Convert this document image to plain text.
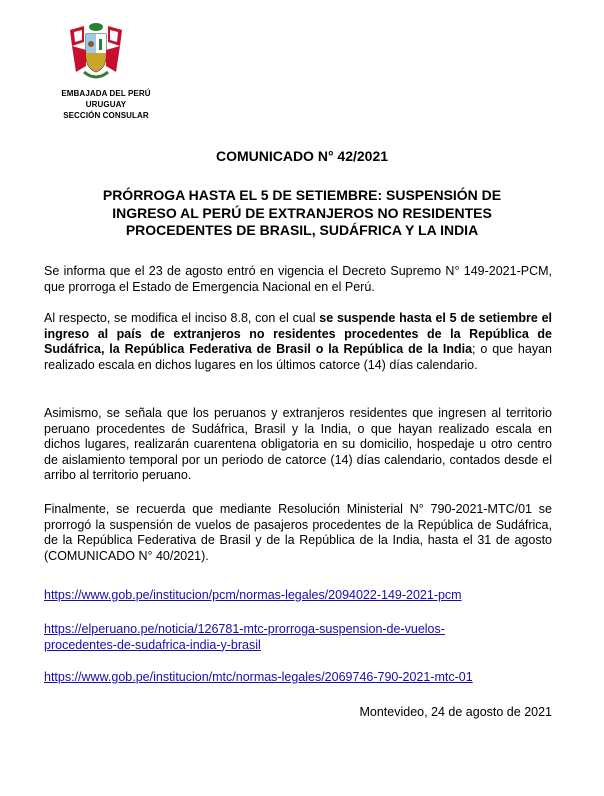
EMBAJADA DEL PERÚ
URUGUAY
SECCIÓN CONSULAR
COMUNICADO N° 42/2021
PRÓRROGA HASTA EL 5 DE SETIEMBRE: SUSPENSIÓN DE
INGRESO AL PERÚ DE EXTRANJEROS NO RESIDENTES
PROCEDENTES DE BRASIL, SUDÁFRICA Y LA INDIA
Se informa que el 23 de agosto entró en vigencia el Decreto Supremo N° 149-2021-PCM, que prorroga el Estado de Emergencia Nacional en el Perú.
Al respecto, se modifica el inciso 8.8, con el cual se suspende hasta el 5 de setiembre el ingreso al país de extranjeros no residentes procedentes de la República de Sudáfrica, la República Federativa de Brasil o la República de la India; o que hayan realizado escala en dichos lugares en los últimos catorce (14) días calendario.
Asimismo, se señala que los peruanos y extranjeros residentes que ingresen al territorio peruano procedentes de Sudáfrica, Brasil y la India, o que hayan realizado escala en dichos lugares, realizarán cuarentena obligatoria en su domicilio, hospedaje u otro centro de aislamiento temporal por un periodo de catorce (14) días calendario, contados desde el arribo al territorio peruano.
Finalmente, se recuerda que mediante Resolución Ministerial N° 790-2021-MTC/01 se prorrogó la suspensión de vuelos de pasajeros procedentes de la República de Sudáfrica, de la República Federativa de Brasil y de la República de la India, hasta el 31 de agosto (COMUNICADO N° 40/2021).
https://www.gob.pe/institucion/pcm/normas-legales/2094022-149-2021-pcm
https://elperuano.pe/noticia/126781-mtc-prorroga-suspension-de-vuelos-
procedentes-de-sudafrica-india-y-brasil
https://www.gob.pe/institucion/mtc/normas-legales/2069746-790-2021-mtc-01
Montevideo, 24 de agosto de 2021
